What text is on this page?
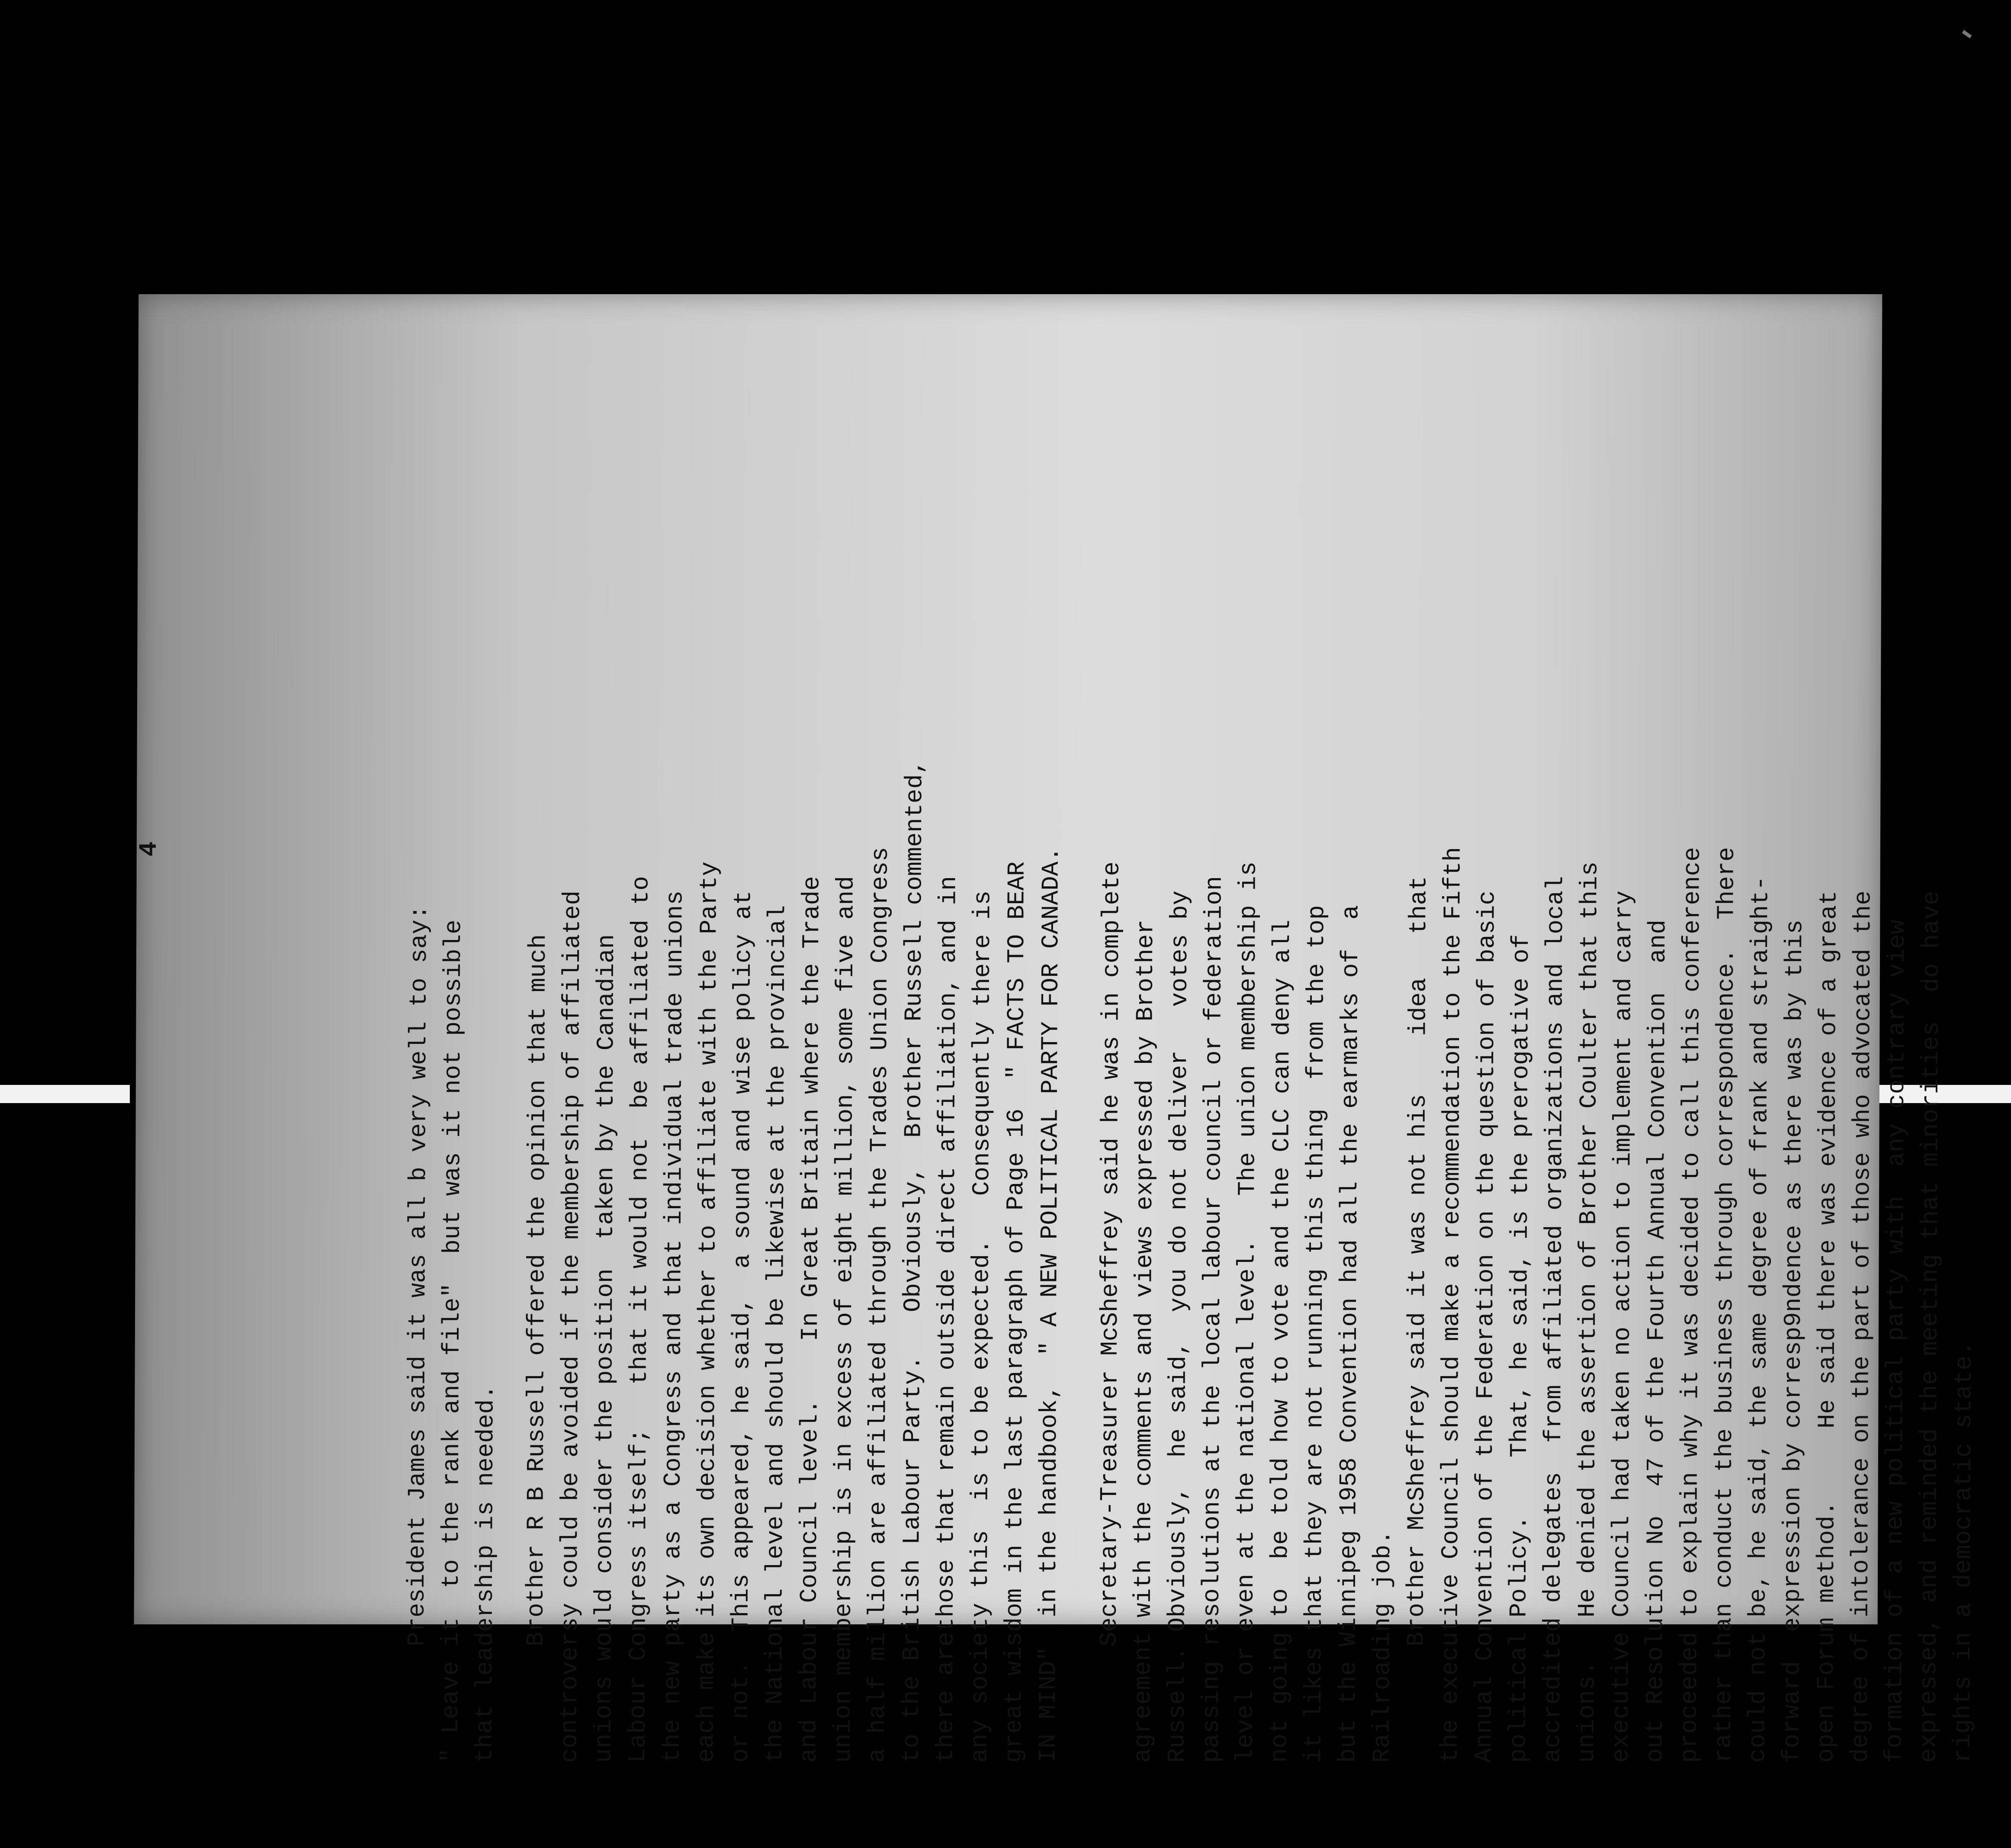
4
President James said it was all b very well to say: " Leave it  to the rank and file"  but was it not possible that leadership is needed. Brother R B Russell offered the opinion that much controversy could be avoided if the membership of affiliated unions would consider the position  taken by the Canadian Labour Congress itself;   that it would not  be affiliated to the new party as a Congress and that individual trade unions each make its own decision whether to affiliate with the Party or not.  This appeared, he said,  a sound and wise policy at the National level and should be likewise at the provincial and Labour Council level.    In Great Britain where the Trade union membership is in excess of eight million, some five and a half million are affiliated through the Trades Union Congress to the British Labour Party.   Obviously,  Brother Russell commented, there arethose that remain outside direct affiliation, and in any society this  is to be expected.   Consequently there is great wisdom in the last paragraph of Page 16  " FACTS TO BEAR IN MIND"  in the handbook,  " A NEW POLITICAL PARTY FOR CANADA. Secretary-Treasurer McSheffrey said he was in complete agreement with the comments and views expressed by Brother Russell. Obviously,  he said,  you do not deliver   votes by passing resolutions at the local labour council or federation level or even at the national level.   The union membership is not going to  be told how to vote and the CLC can deny all it likes that they are not running this thing  from the top but the Winnipeg 1958 Convention had all the earmarks of  a Railroading job. Brother McSheffrey said it was not his    idea   that the executive Council should make a recommendation to the Fifth Annual Convention of the Federation on the question of basic political Policy.    That, he said, is the prerogative of accredited delegates  from affiliated organizations and local unions.   He denied the assertion of Brother Coulter that this executive Council had taken no action to implement and carry out Resolution No  47 of the Fourth Annual Convention  and proceeded to explain why it was decided to call this conference rather than conduct the business through correspondence.  There could not be, he said, the same degree of frank and straight- forward  expression by corresp9ndence as there was by this open Forum method.     He said there was evidence of a great degree of intolerance on the part of those who advocated the formation of a new political party with  any contrary view expressed, and reminded the meeting that minorities  do have rights in a democratic state.
